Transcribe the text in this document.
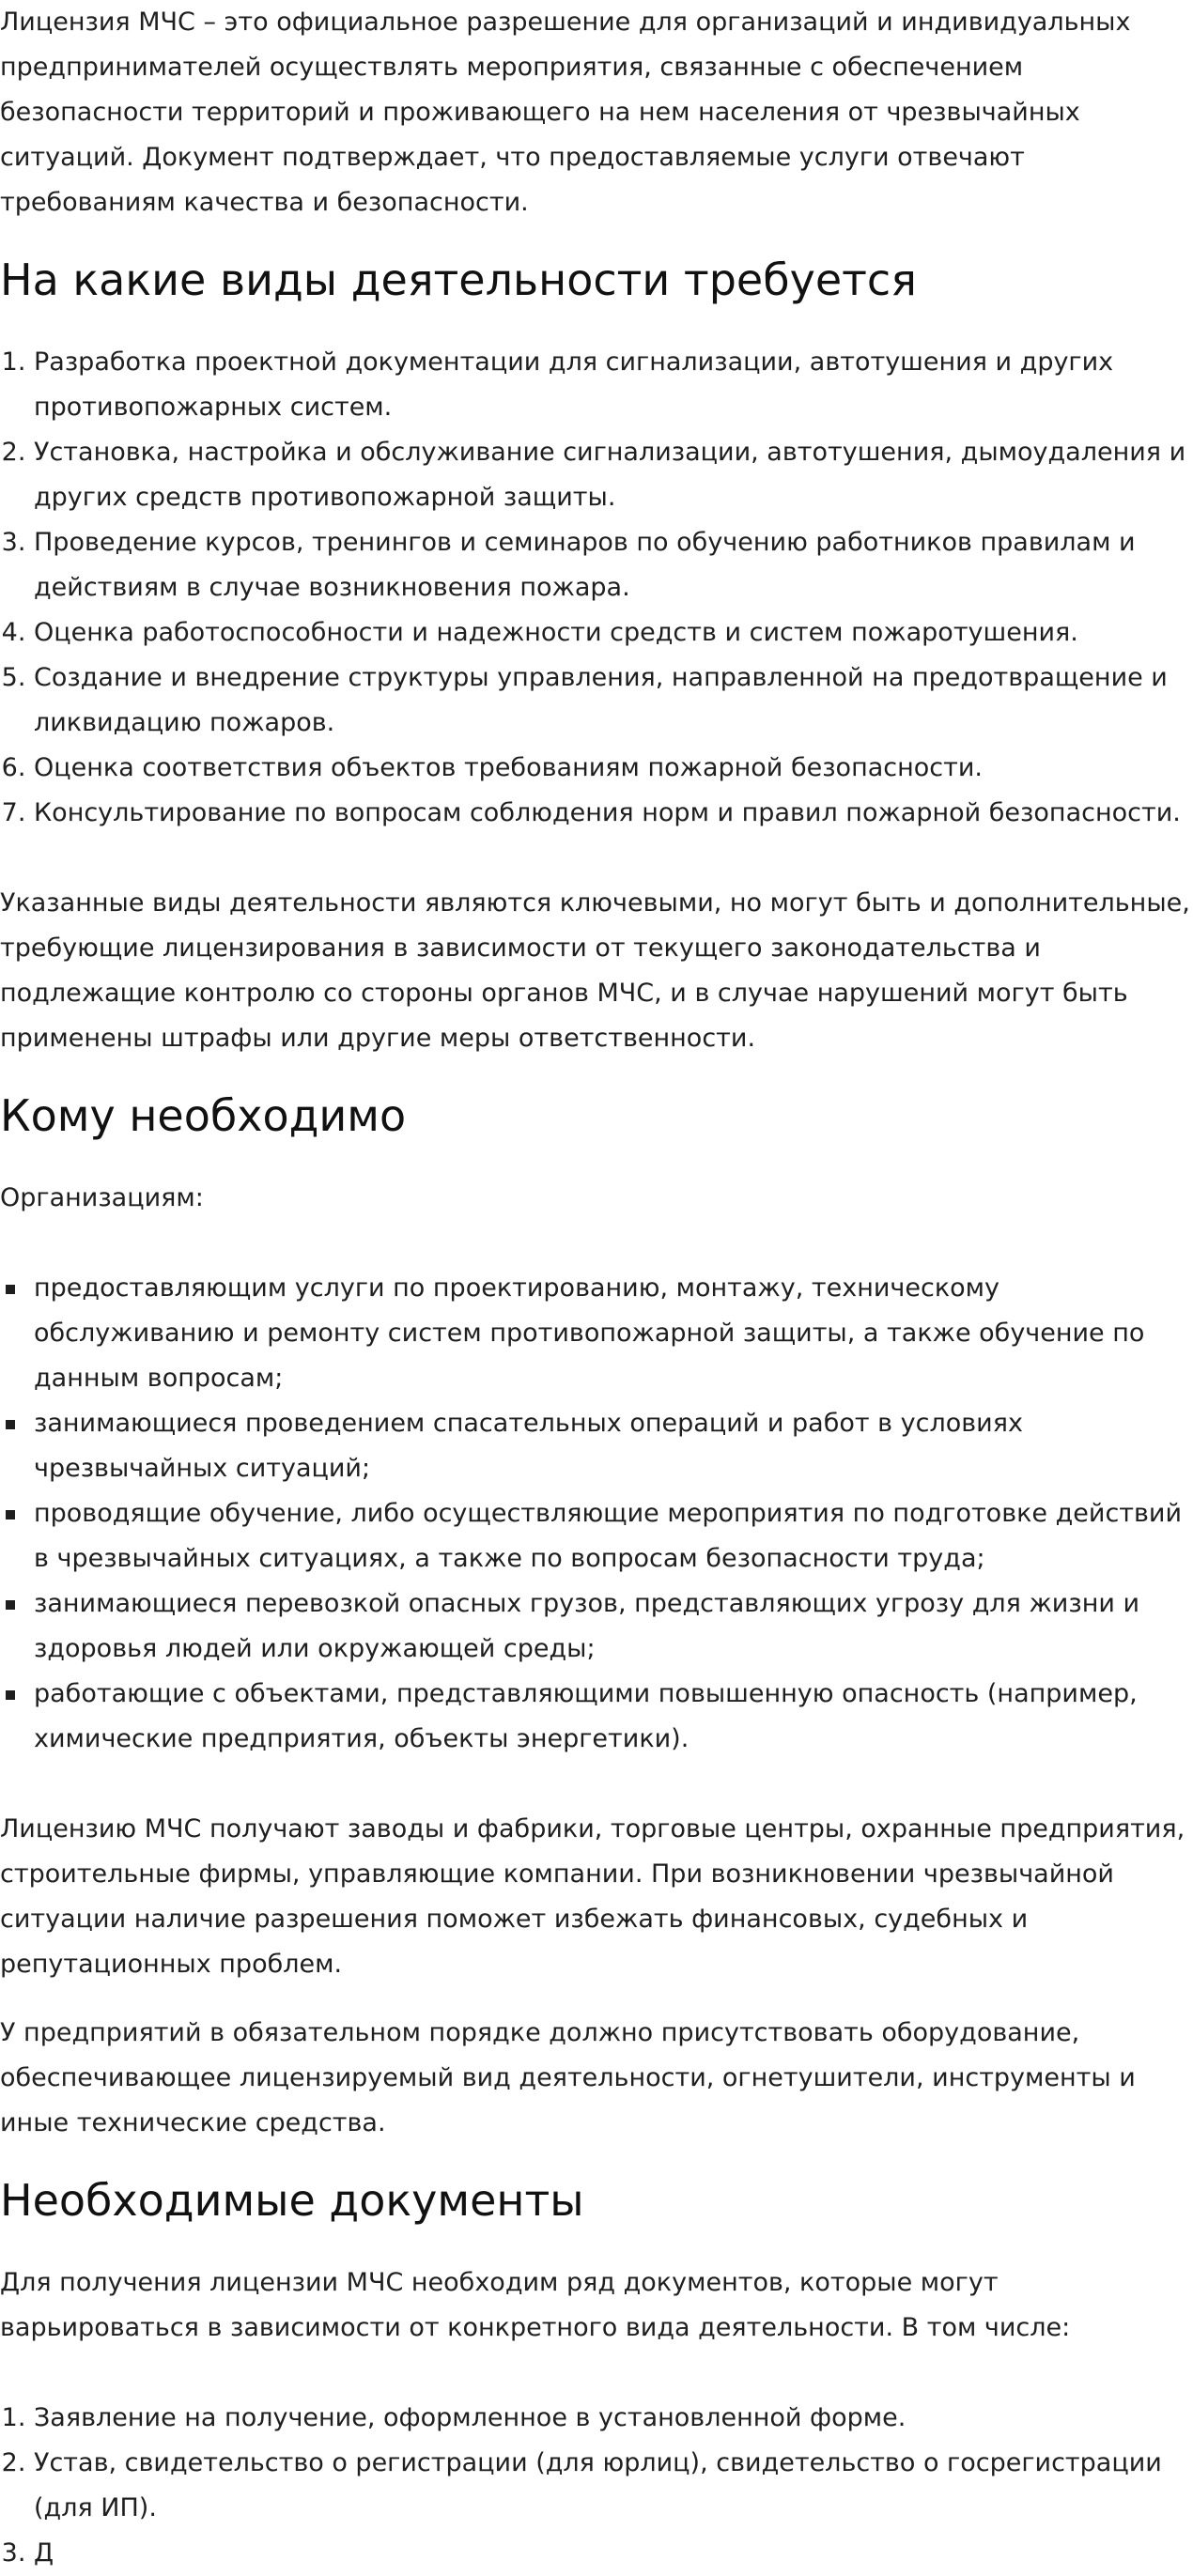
Лицензия МЧС – это официальное разрешение для организаций и индивидуальных предпринимателей осуществлять мероприятия, связанные с обеспечением безопасности территорий и проживающего на нем населения от чрезвычайных ситуаций. Документ подтверждает, что предоставляемые услуги отвечают требованиям качества и безопасности.

На какие виды деятельности требуется
1. Разработка проектной документации для сигнализации, автотушения и других противопожарных систем.
2. Установка, настройка и обслуживание сигнализации, автотушения, дымоудаления и других средств противопожарной защиты.
3. Проведение курсов, тренингов и семинаров по обучению работников правилам и действиям в случае возникновения пожара.
4. Оценка работоспособности и надежности средств и систем пожаротушения.
5. Создание и внедрение структуры управления, направленной на предотвращение и ликвидацию пожаров.
6. Оценка соответствия объектов требованиям пожарной безопасности.
7. Консультирование по вопросам соблюдения норм и правил пожарной безопасности.

Указанные виды деятельности являются ключевыми, но могут быть и дополнительные, требующие лицензирования в зависимости от текущего законодательства и подлежащие контролю со стороны органов МЧС, и в случае нарушений могут быть применены штрафы или другие меры ответственности.

Кому необходимо

Организациям:

предоставляющим услуги по проектированию, монтажу, техническому обслуживанию и ремонту систем противопожарной защиты, а также обучение по данным вопросам;
занимающиеся проведением спасательных операций и работ в условиях чрезвычайных ситуаций;
проводящие обучение, либо осуществляющие мероприятия по подготовке действий в чрезвычайных ситуациях, а также по вопросам безопасности труда;
занимающиеся перевозкой опасных грузов, представляющих угрозу для жизни и здоровья людей или окружающей среды;
работающие с объектами, представляющими повышенную опасность (например, химические предприятия, объекты энергетики).

Лицензию МЧС получают заводы и фабрики, торговые центры, охранные предприятия, строительные фирмы, управляющие компании. При возникновении чрезвычайной ситуации наличие разрешения поможет избежать финансовых, судебных и репутационных проблем.

У предприятий в обязательном порядке должно присутствовать оборудование, обеспечивающее лицензируемый вид деятельности, огнетушители, инструменты и иные технические средства.

Необходимые документы

Для получения лицензии МЧС необходим ряд документов, которые могут варьироваться в зависимости от конкретного вида деятельности. В том числе:

1. Заявление на получение, оформленное в установленной форме.
2. Устав, свидетельство о регистрации (для юрлиц), свидетельство о госрегистрации (для ИП).
3. Д
